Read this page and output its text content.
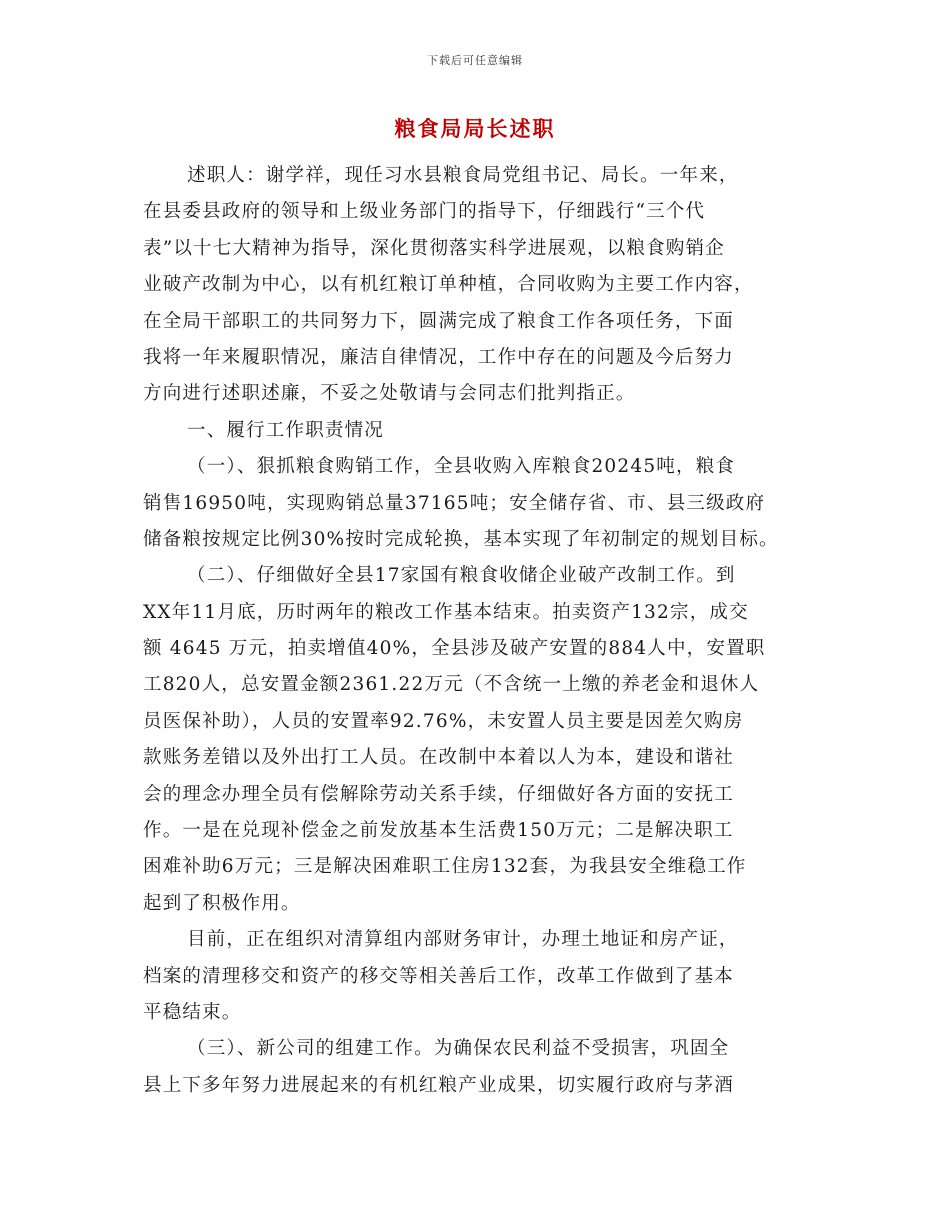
下载后可任意编辑
粮食局局长述职
述职人：谢学祥，现任习水县粮食局党组书记、局长。一年来，
在县委县政府的领导和上级业务部门的指导下，仔细践行“三个代
表”以十七大精神为指导，深化贯彻落实科学进展观，以粮食购销企
业破产改制为中心，以有机红粮订单种植，合同收购为主要工作内容，
在全局干部职工的共同努力下，圆满完成了粮食工作各项任务，下面
我将一年来履职情况，廉洁自律情况，工作中存在的问题及今后努力
方向进行述职述廉，不妥之处敬请与会同志们批判指正。
一、履行工作职责情况
（一）、狠抓粮食购销工作，全县收购入库粮食20245吨，粮食
销售16950吨，实现购销总量37165吨；安全储存省、市、县三级政府
储备粮按规定比例30%按时完成轮换，基本实现了年初制定的规划目标。
（二）、仔细做好全县17家国有粮食收储企业破产改制工作。到
XX年11月底，历时两年的粮改工作基本结束。拍卖资产132宗，成交
额 4645 万元，拍卖增值40%，全县涉及破产安置的884人中，安置职
工820人，总安置金额2361.22万元（不含统一上缴的养老金和退休人
员医保补助），人员的安置率92.76%，未安置人员主要是因差欠购房
款账务差错以及外出打工人员。在改制中本着以人为本，建设和谐社
会的理念办理全员有偿解除劳动关系手续，仔细做好各方面的安抚工
作。一是在兑现补偿金之前发放基本生活费150万元；二是解决职工
困难补助6万元；三是解决困难职工住房132套，为我县安全维稳工作
起到了积极作用。
目前，正在组织对清算组内部财务审计，办理土地证和房产证，
档案的清理移交和资产的移交等相关善后工作，改革工作做到了基本
平稳结束。
（三）、新公司的组建工作。为确保农民利益不受损害，巩固全
县上下多年努力进展起来的有机红粮产业成果，切实履行政府与茅酒
